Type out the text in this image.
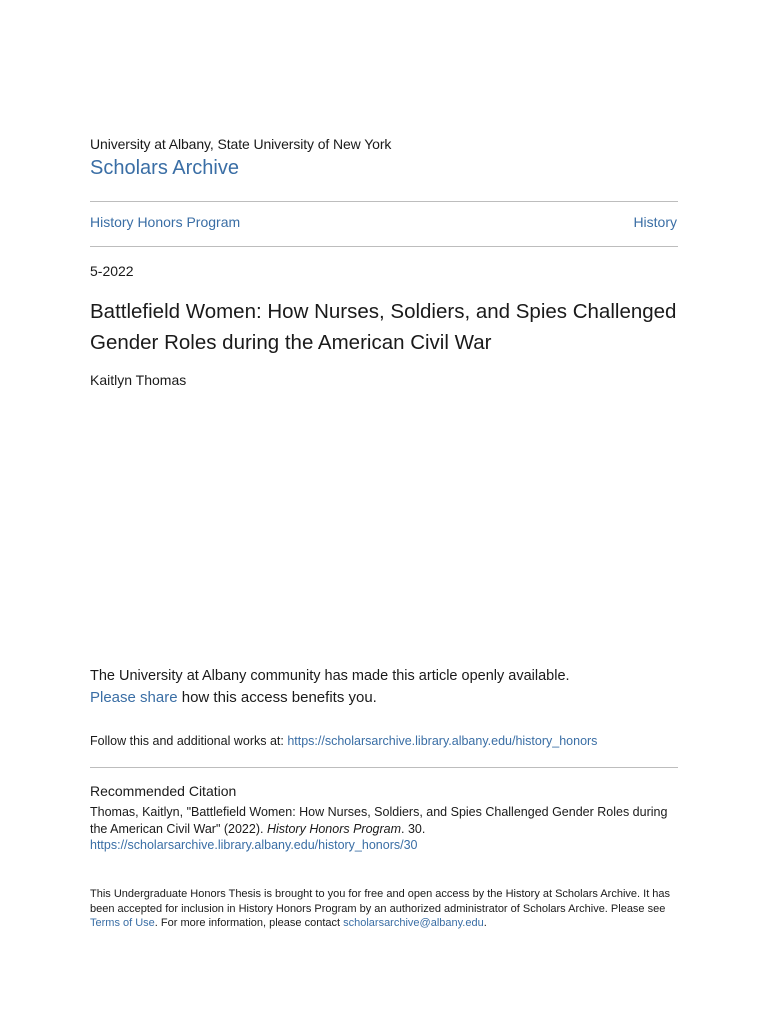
University at Albany, State University of New York
Scholars Archive
History Honors Program	History
5-2022
Battlefield Women: How Nurses, Soldiers, and Spies Challenged Gender Roles during the American Civil War
Kaitlyn Thomas
The University at Albany community has made this article openly available.
Please share how this access benefits you.
Follow this and additional works at: https://scholarsarchive.library.albany.edu/history_honors
Recommended Citation
Thomas, Kaitlyn, "Battlefield Women: How Nurses, Soldiers, and Spies Challenged Gender Roles during the American Civil War" (2022). History Honors Program. 30.
https://scholarsarchive.library.albany.edu/history_honors/30
This Undergraduate Honors Thesis is brought to you for free and open access by the History at Scholars Archive. It has been accepted for inclusion in History Honors Program by an authorized administrator of Scholars Archive. Please see Terms of Use. For more information, please contact scholarsarchive@albany.edu.
